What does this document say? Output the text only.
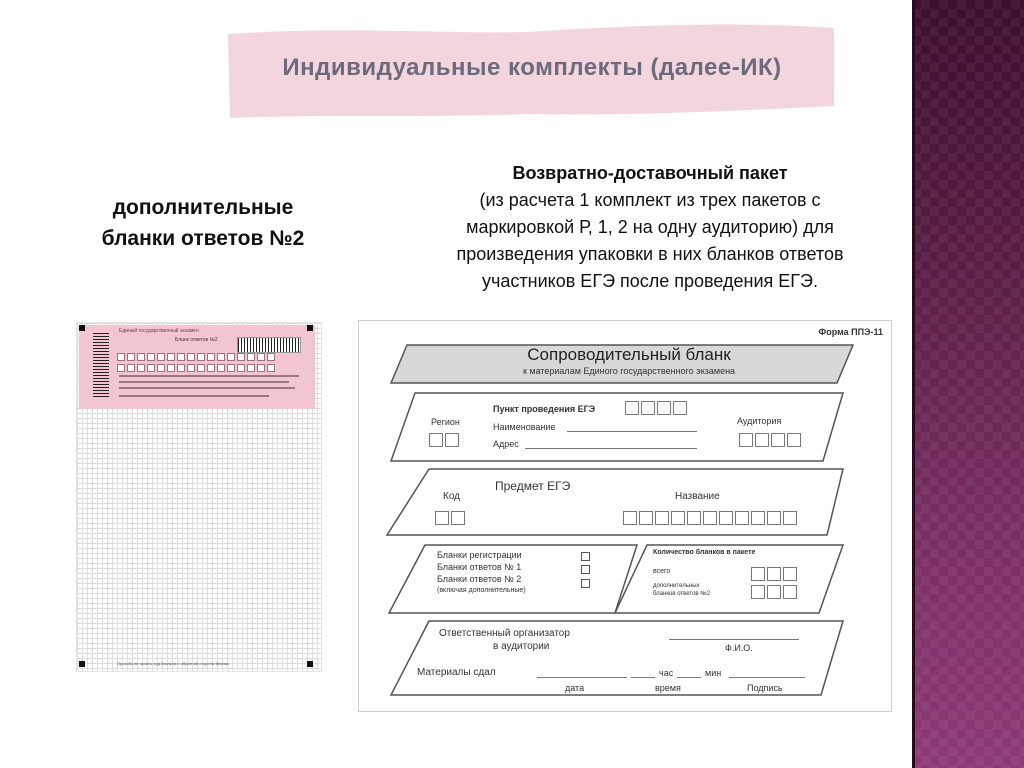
Индивидуальные комплекты (далее-ИК)
дополнительные
бланки ответов №2
Возвратно-доставочный пакет
(из расчета 1 комплект из трех пакетов с
маркировкой Р, 1, 2 на одну аудиторию) для
произведения упаковки в них бланков ответов
участников ЕГЭ после проведения ЕГЭ.
Единый государственный экзамен
Бланк ответов №2
Просьба не писать под бланком с обратной стороны бланка
Форма ППЭ-11
Сопроводительный бланк
к материалам Единого государственного экзамена
Регион
Пункт проведения ЕГЭ
Наименование
Адрес
Аудитория
Предмет ЕГЭ
Код	Название
Бланки регистрации
Бланки ответов № 1
Бланки ответов № 2
(включая дополнительные)
Количество бланков в пакете
всего
дополнительных
бланков ответов №2
Ответственный организатор
в аудитории	Ф.И.О.
Материалы сдал	час	мин
дата	время	Подпись
